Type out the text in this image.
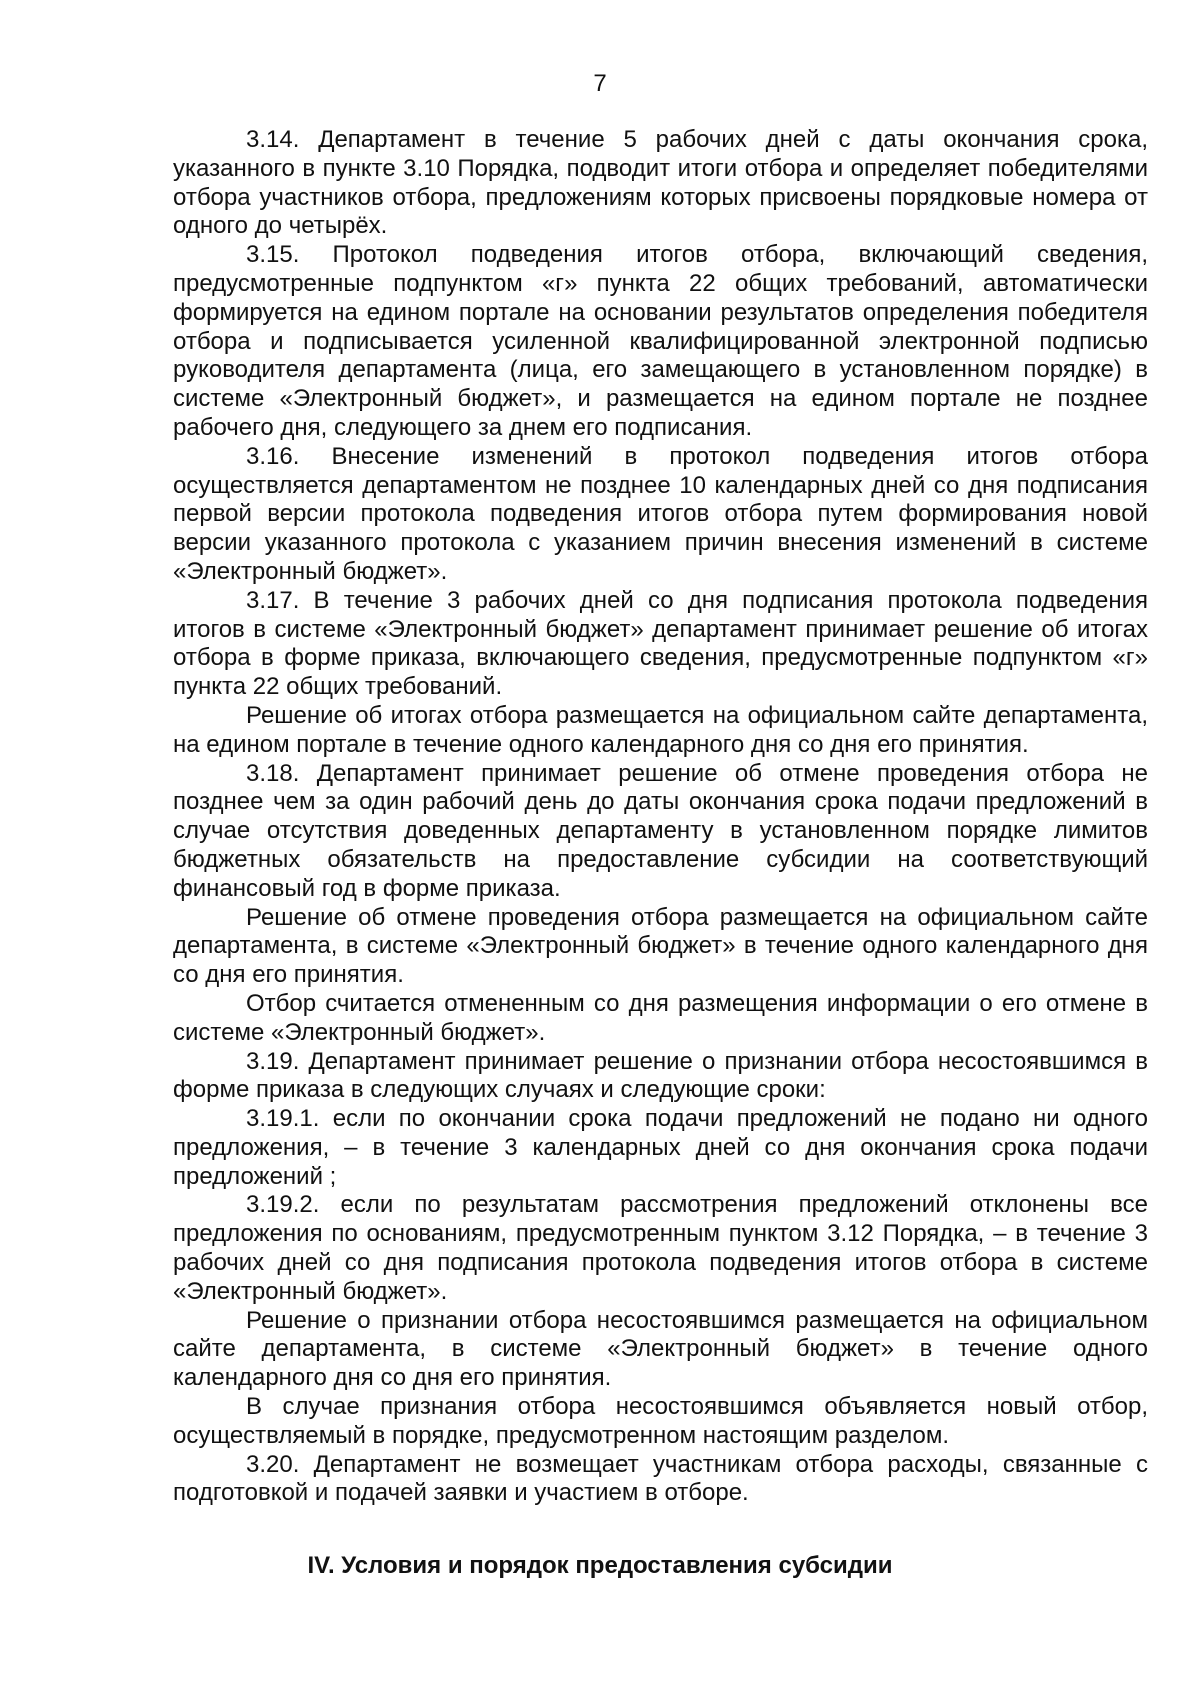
7

3.14. Департамент в течение 5 рабочих дней с даты окончания срока, указанного в пункте 3.10 Порядка, подводит итоги отбора и определяет победителями отбора участников отбора, предложениям которых присвоены порядковые номера от одного до четырёх.

3.15. Протокол подведения итогов отбора, включающий сведения, предусмотренные подпунктом «г» пункта 22 общих требований, автоматически формируется на едином портале на основании результатов определения победителя отбора и подписывается усиленной квалифицированной электронной подписью руководителя департамента (лица, его замещающего в установленном порядке) в системе «Электронный бюджет», и размещается на едином портале не позднее рабочего дня, следующего за днем его подписания.

3.16. Внесение изменений в протокол подведения итогов отбора осуществляется департаментом не позднее 10 календарных дней со дня подписания первой версии протокола подведения итогов отбора путем формирования новой версии указанного протокола с указанием причин внесения изменений в системе «Электронный бюджет».

3.17. В течение 3 рабочих дней со дня подписания протокола подведения итогов в системе «Электронный бюджет» департамент принимает решение об итогах отбора в форме приказа, включающего сведения, предусмотренные подпунктом «г» пункта 22 общих требований.

Решение об итогах отбора размещается на официальном сайте департамента, на едином портале в течение одного календарного дня со дня его принятия.

3.18. Департамент принимает решение об отмене проведения отбора не позднее чем за один рабочий день до даты окончания срока подачи предложений в случае отсутствия доведенных департаменту в установленном порядке лимитов бюджетных обязательств на предоставление субсидии на соответствующий финансовый год в форме приказа.

Решение об отмене проведения отбора размещается на официальном сайте департамента, в системе «Электронный бюджет» в течение одного календарного дня со дня его принятия.

Отбор считается отмененным со дня размещения информации о его отмене в системе «Электронный бюджет».

3.19. Департамент принимает решение о признании отбора несостоявшимся в форме приказа в следующих случаях и следующие сроки:

3.19.1. если по окончании срока подачи предложений не подано ни одного предложения, – в течение 3 календарных дней со дня окончания срока подачи предложений ;

3.19.2. если по результатам рассмотрения предложений отклонены все предложения по основаниям, предусмотренным пунктом 3.12 Порядка, – в течение 3 рабочих дней со дня подписания протокола подведения итогов отбора в системе «Электронный бюджет».

Решение о признании отбора несостоявшимся размещается на официальном сайте департамента, в системе «Электронный бюджет» в течение одного календарного дня со дня его принятия.

В случае признания отбора несостоявшимся объявляется новый отбор, осуществляемый в порядке, предусмотренном настоящим разделом.

3.20. Департамент не возмещает участникам отбора расходы, связанные с подготовкой и подачей заявки и участием в отборе.

IV. Условия и порядок предоставления субсидии
